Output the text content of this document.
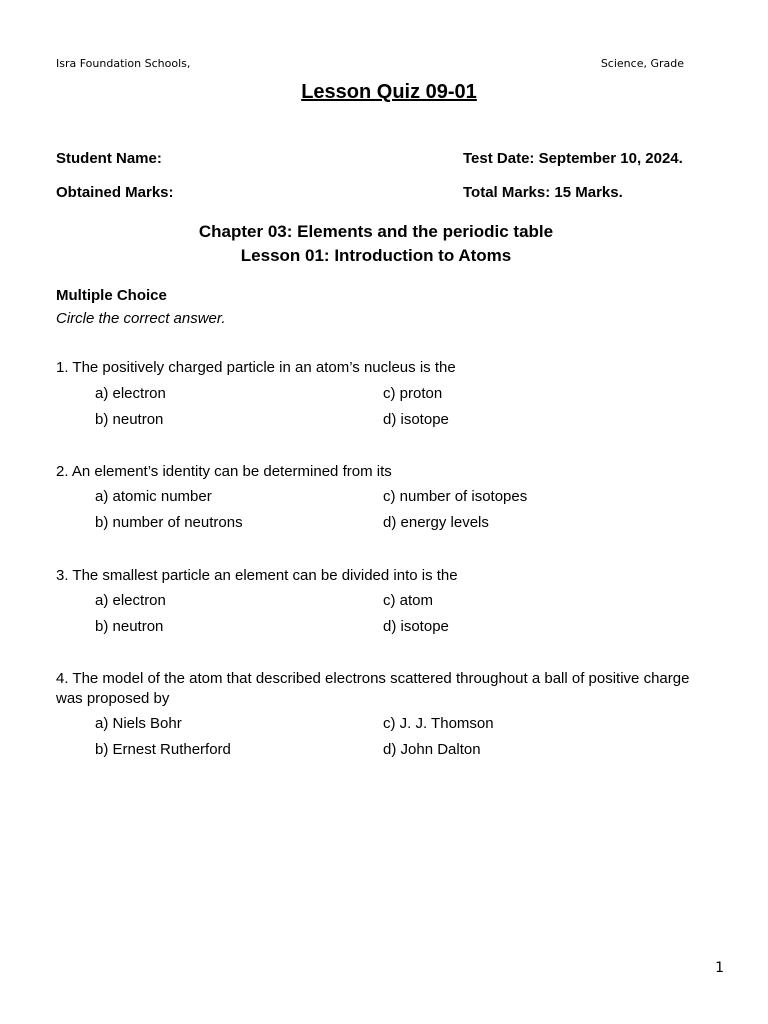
Isra Foundation Schools,	Science, Grade
Lesson Quiz 09-01
Student Name:	Test Date: September 10, 2024.
Obtained Marks:	Total Marks: 15 Marks.
Chapter 03: Elements and the periodic table
Lesson 01: Introduction to Atoms
Multiple Choice
Circle the correct answer.
1. The positively charged particle in an atom’s nucleus is the
a) electron	c) proton
b) neutron	d) isotope
2. An element’s identity can be determined from its
a) atomic number	c) number of isotopes
b) number of neutrons	d) energy levels
3. The smallest particle an element can be divided into is the
a) electron	c) atom
b) neutron	d) isotope
4. The model of the atom that described electrons scattered throughout a ball of positive charge was proposed by
a) Niels Bohr	c) J. J. Thomson
b) Ernest Rutherford	d) John Dalton
1
